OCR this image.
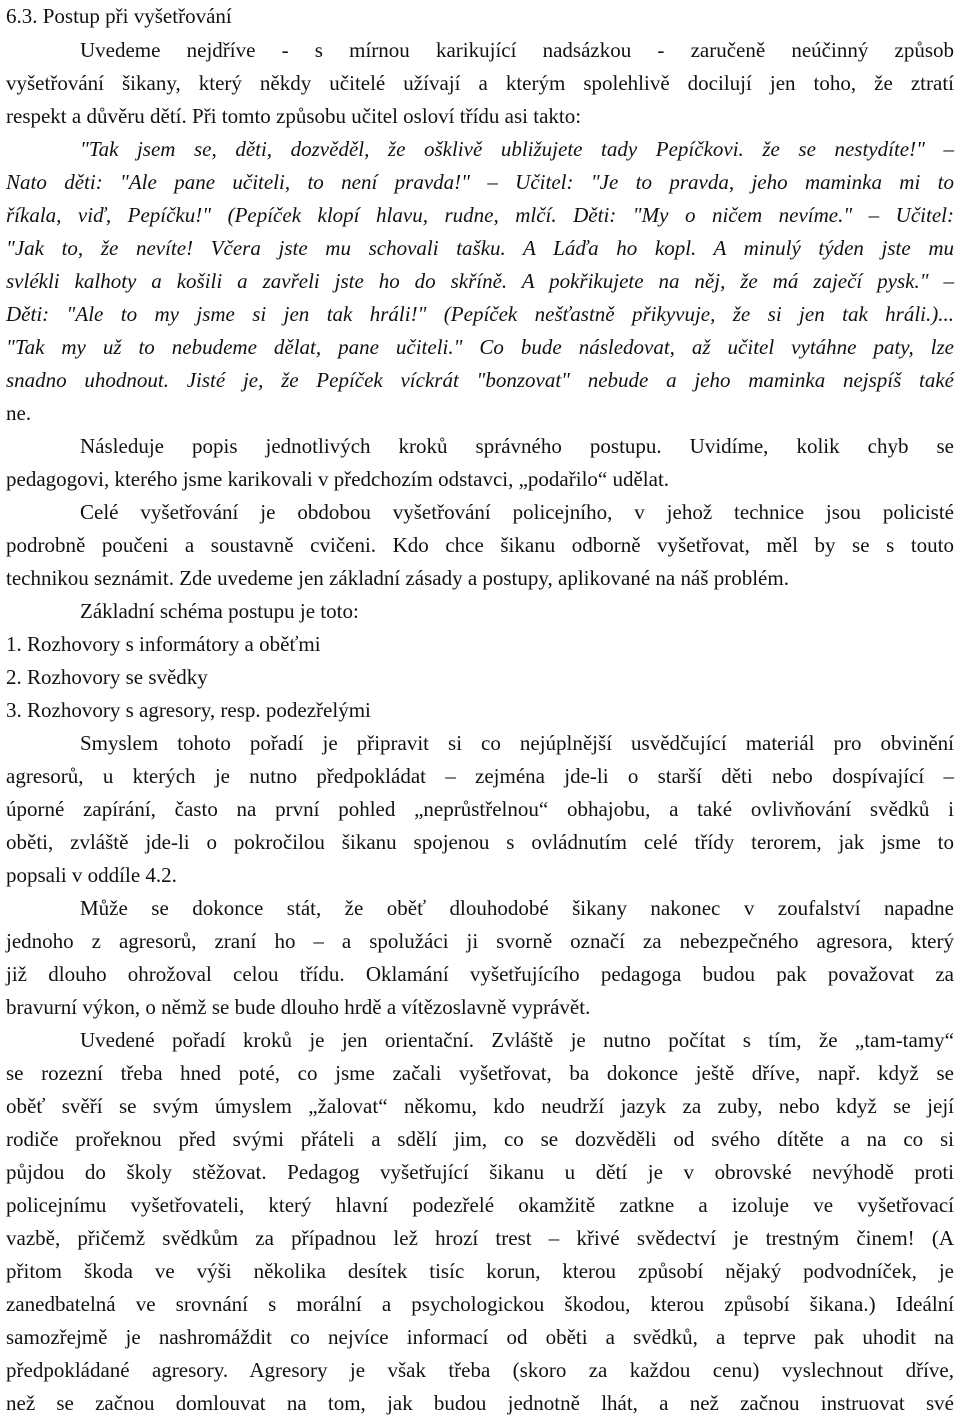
6.3. Postup při vyšetřování
Uvedeme nejdříve - s mírnou karikující nadsázkou - zaručeně neúčinný způsob
vyšetřování šikany, který někdy učitelé užívají a kterým spolehlivě docilují jen toho, že ztratí
respekt a důvěru dětí. Při tomto způsobu učitel osloví třídu asi takto:
"Tak jsem se, děti, dozvěděl, že ošklivě ubližujete tady Pepíčkovi. že se nestydíte!" –
Nato děti: "Ale pane učiteli, to není pravda!" – Učitel: "Je to pravda, jeho maminka mi to
říkala, viď, Pepíčku!" (Pepíček klopí hlavu, rudne, mlčí. Děti: "My o ničem nevíme." – Učitel:
"Jak to, že nevíte! Včera jste mu schovali tašku. A Láďa ho kopl. A minulý týden jste mu
svlékli kalhoty a košili a zavřeli jste ho do skříně. A pokřikujete na něj, že má zaječí pysk." –
Děti: "Ale to my jsme si jen tak hráli!" (Pepíček nešťastně přikyvuje, že si jen tak hráli.)...
"Tak my už to nebudeme dělat, pane učiteli." Co bude následovat, až učitel vytáhne paty, lze
snadno uhodnout. Jisté je, že Pepíček víckrát "bonzovat" nebude a jeho maminka nejspíš také
ne.
Následuje popis jednotlivých kroků správného postupu. Uvidíme, kolik chyb se
pedagogovi, kterého jsme karikovali v předchozím odstavci, „podařilo“ udělat.
Celé vyšetřování je obdobou vyšetřování policejního, v jehož technice jsou policisté
podrobně poučeni a soustavně cvičeni. Kdo chce šikanu odborně vyšetřovat, měl by se s touto
technikou seznámit. Zde uvedeme jen základní zásady a postupy, aplikované na náš problém.
Základní schéma postupu je toto:
1. Rozhovory s informátory a oběťmi
2. Rozhovory se svědky
3. Rozhovory s agresory, resp. podezřelými
Smyslem tohoto pořadí je připravit si co nejúplnější usvědčující materiál pro obvinění
agresorů, u kterých je nutno předpokládat – zejména jde-li o starší děti nebo dospívající –
úporné zapírání, často na první pohled „neprůstřelnou“ obhajobu, a také ovlivňování svědků i
oběti, zvláště jde-li o pokročilou šikanu spojenou s ovládnutím celé třídy terorem, jak jsme to
popsali v oddíle 4.2.
Může se dokonce stát, že oběť dlouhodobé šikany nakonec v zoufalství napadne
jednoho z agresorů, zraní ho – a spolužáci ji svorně označí za nebezpečného agresora, který
již dlouho ohrožoval celou třídu. Oklamání vyšetřujícího pedagoga budou pak považovat za
bravurní výkon, o němž se bude dlouho hrdě a vítězoslavně vyprávět.
Uvedené pořadí kroků je jen orientační. Zvláště je nutno počítat s tím, že „tam-tamy“
se rozezní třeba hned poté, co jsme začali vyšetřovat, ba dokonce ještě dříve, např. když se
oběť svěří se svým úmyslem „žalovat“ někomu, kdo neudrží jazyk za zuby, nebo když se její
rodiče prořeknou před svými přáteli a sdělí jim, co se dozvěděli od svého dítěte a na co si
půjdou do školy stěžovat. Pedagog vyšetřující šikanu u dětí je v obrovské nevýhodě proti
policejnímu vyšetřovateli, který hlavní podezřelé okamžitě zatkne a izoluje ve vyšetřovací
vazbě, přičemž svědkům za případnou lež hrozí trest – křivé svědectví je trestným činem! (A
přitom škoda ve výši několika desítek tisíc korun, kterou způsobí nějaký podvodníček, je
zanedbatelná ve srovnání s morální a psychologickou škodou, kterou způsobí šikana.) Ideální
samozřejmě je nashromáždit co nejvíce informací od oběti a svědků, a teprve pak uhodit na
předpokládané agresory. Agresory je však třeba (skoro za každou cenu) vyslechnout dříve,
než se začnou domlouvat na tom, jak budou jednotně lhát, a než začnou instruovat své
